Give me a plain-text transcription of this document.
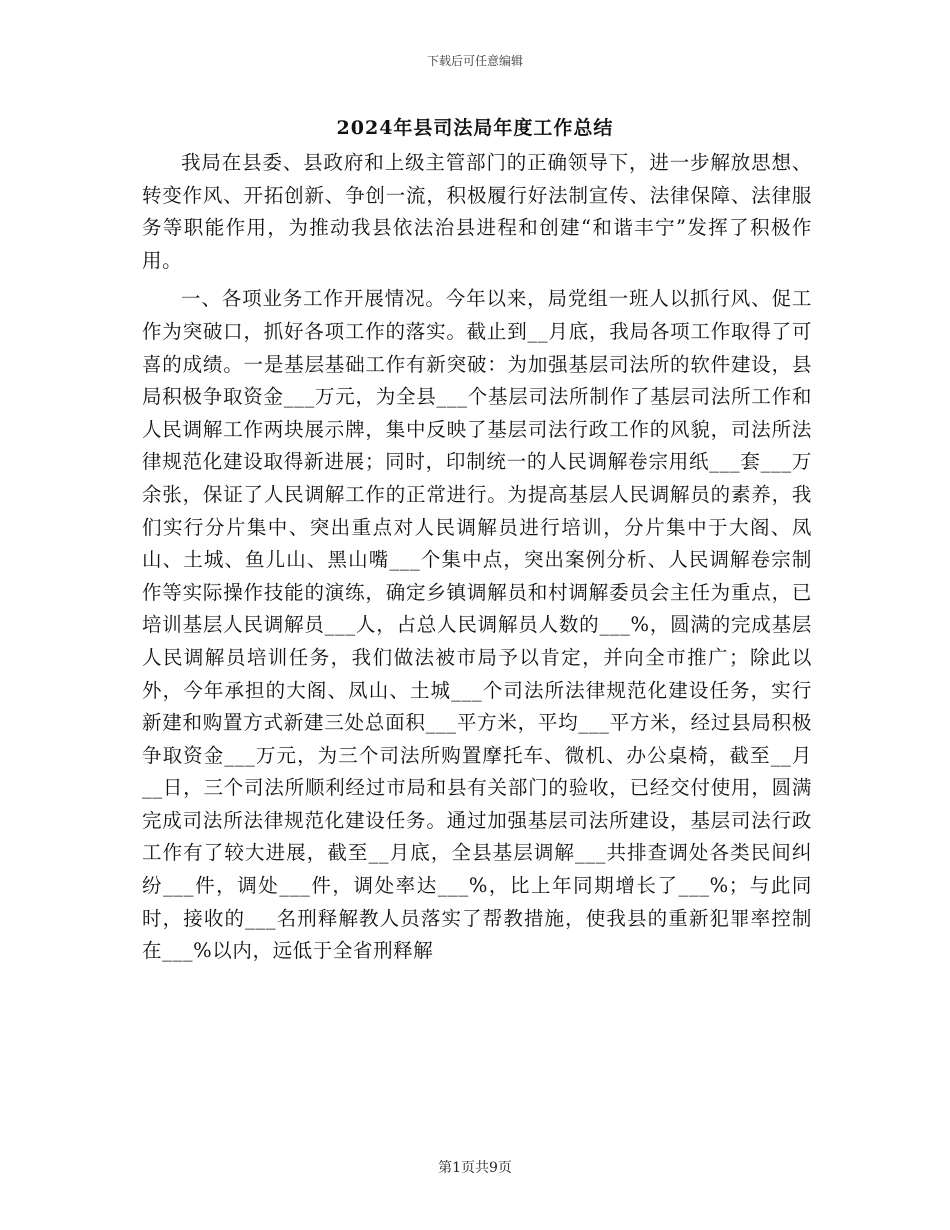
下载后可任意编辑
2024年县司法局年度工作总结

我局在县委、县政府和上级主管部门的正确领导下，进一步解放思想、转变作风、开拓创新、争创一流，积极履行好法制宣传、法律保障、法律服务等职能作用，为推动我县依法治县进程和创建“和谐丰宁”发挥了积极作用。

一、各项业务工作开展情况。今年以来，局党组一班人以抓行风、促工作为突破口，抓好各项工作的落实。截止到__月底，我局各项工作取得了可喜的成绩。一是基层基础工作有新突破：为加强基层司法所的软件建设，县局积极争取资金___万元，为全县___个基层司法所制作了基层司法所工作和人民调解工作两块展示牌，集中反映了基层司法行政工作的风貌，司法所法律规范化建设取得新进展；同时，印制统一的人民调解卷宗用纸___套___万余张，保证了人民调解工作的正常进行。为提高基层人民调解员的素养，我们实行分片集中、突出重点对人民调解员进行培训，分片集中于大阁、凤山、土城、鱼儿山、黑山嘴___个集中点，突出案例分析、人民调解卷宗制作等实际操作技能的演练，确定乡镇调解员和村调解委员会主任为重点，已培训基层人民调解员___人，占总人民调解员人数的___%，圆满的完成基层人民调解员培训任务，我们做法被市局予以肯定，并向全市推广；除此以外，今年承担的大阁、凤山、土城___个司法所法律规范化建设任务，实行新建和购置方式新建三处总面积___平方米，平均___平方米，经过县局积极争取资金___万元，为三个司法所购置摩托车、微机、办公桌椅，截至__月__日，三个司法所顺利经过市局和县有关部门的验收，已经交付使用，圆满完成司法所法律规范化建设任务。通过加强基层司法所建设，基层司法行政工作有了较大进展，截至__月底，全县基层调解___共排查调处各类民间纠纷___件，调处___件，调处率达___%，比上年同期增长了___%；与此同时，接收的___名刑释解教人员落实了帮教措施，使我县的重新犯罪率控制在___%以内，远低于全省刑释解

第1页共9页
